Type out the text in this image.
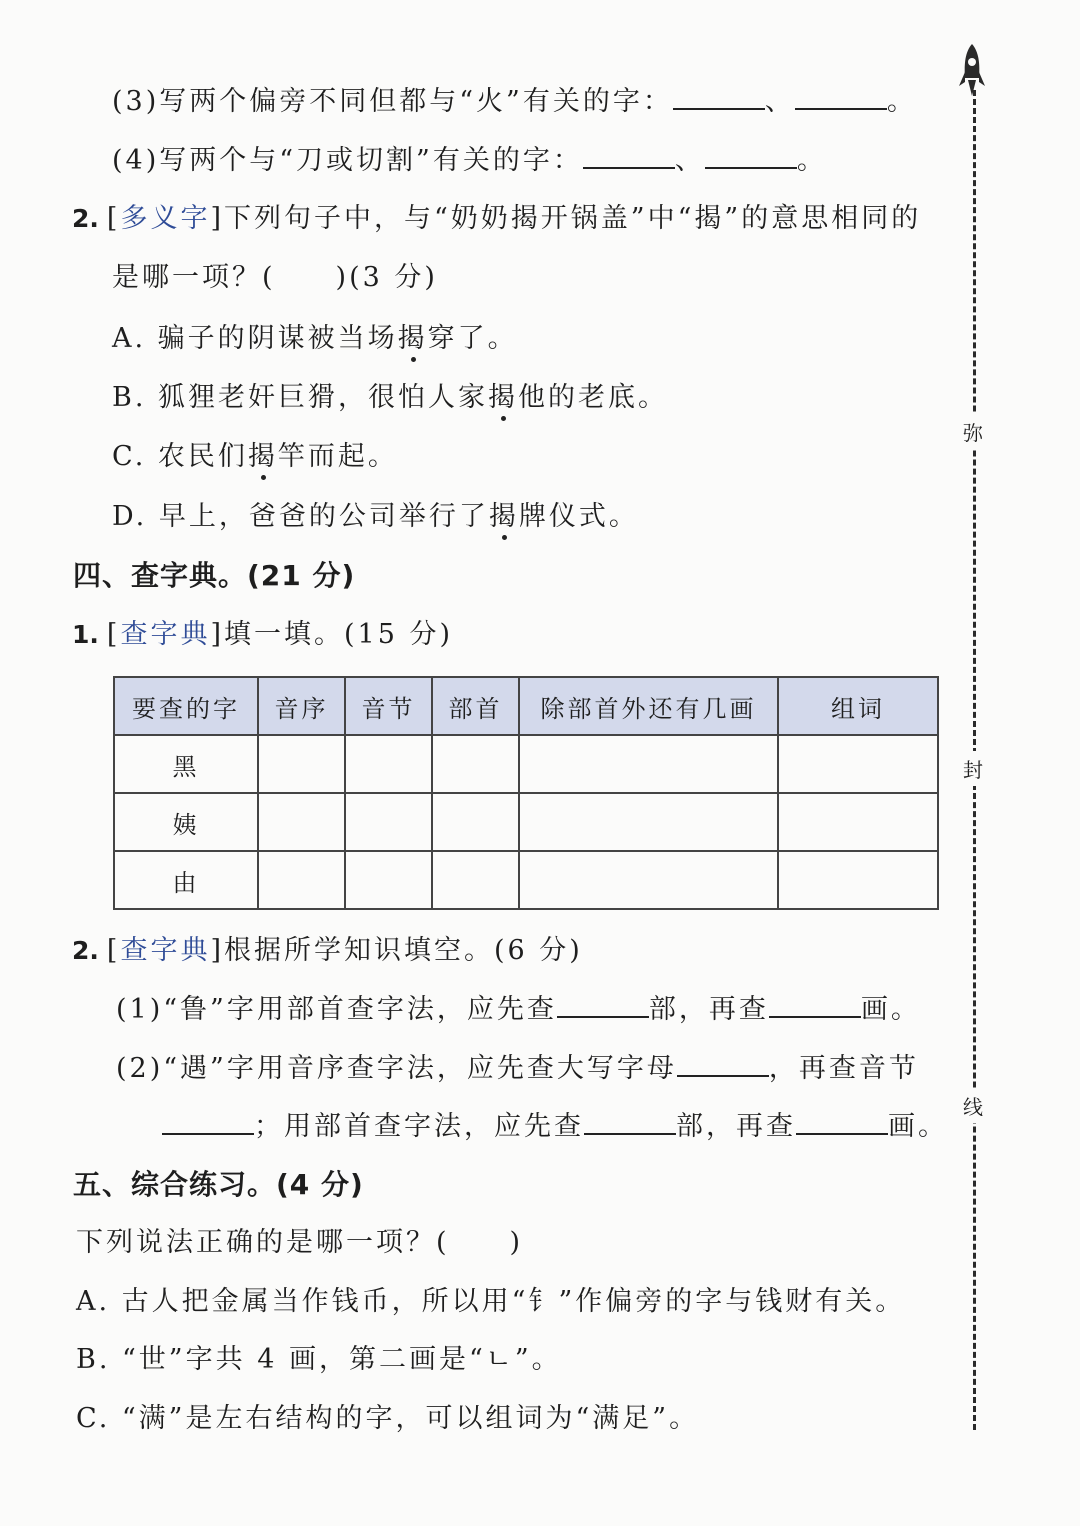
(3)写两个偏旁不同但都与“火”有关的字：	、	。
(4)写两个与“刀或切割”有关的字：	、	。
2. [多义字]下列句子中，与“奶奶揭开锅盖”中“揭”的意思相同的
是哪一项？(　　)(3 分)
A. 骗子的阴谋被当场揭穿了。
B. 狐狸老奸巨猾，很怕人家揭他的老底。
C. 农民们揭竿而起。
D. 早上，爸爸的公司举行了揭牌仪式。
四、查字典。(21 分)
1. [查字典]填一填。(15 分)
要查的字	音序	音节	部首	除部首外还有几画	组词
黑					
姨					
由					
2. [查字典]根据所学知识填空。(6 分)
(1)“鲁”字用部首查字法，应先查	部，再查	画。
(2)“遇”字用音序查字法，应先查大写字母	，再查音节
；用部首查字法，应先查	部，再查	画。
五、综合练习。(4 分)
下列说法正确的是哪一项？(　　)
A. 古人把金属当作钱币，所以用“钅”作偏旁的字与钱财有关。
B. “世”字共 4 画，第二画是“ㄴ”。
C. “满”是左右结构的字，可以组词为“满足”。
弥
封
线
